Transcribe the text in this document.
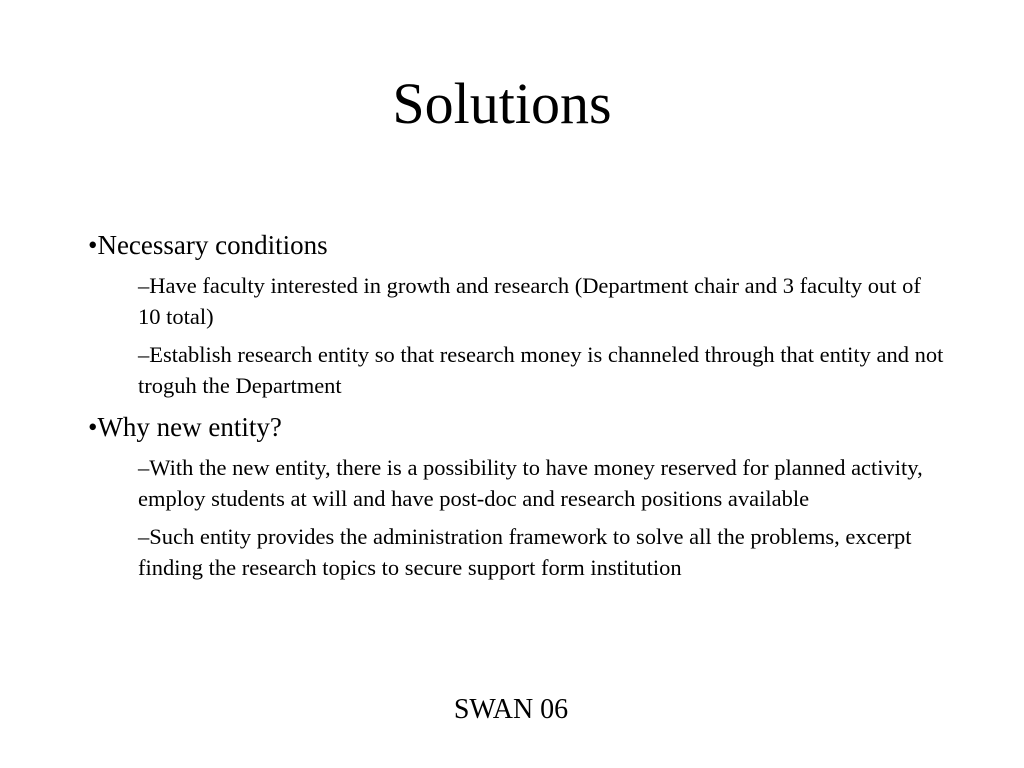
Solutions

•Necessary conditions

–Have faculty interested in growth and research (Department chair and 3 faculty out of 10 total)

–Establish research entity so that research money is channeled through that entity and not troguh the Department

•Why new entity?

–With the new entity, there is a possibility to have money reserved for planned activity, employ students at will and have post-doc and research positions available

–Such entity provides the administration framework to solve all the problems, excerpt finding the research topics to secure support form institution

SWAN 06
